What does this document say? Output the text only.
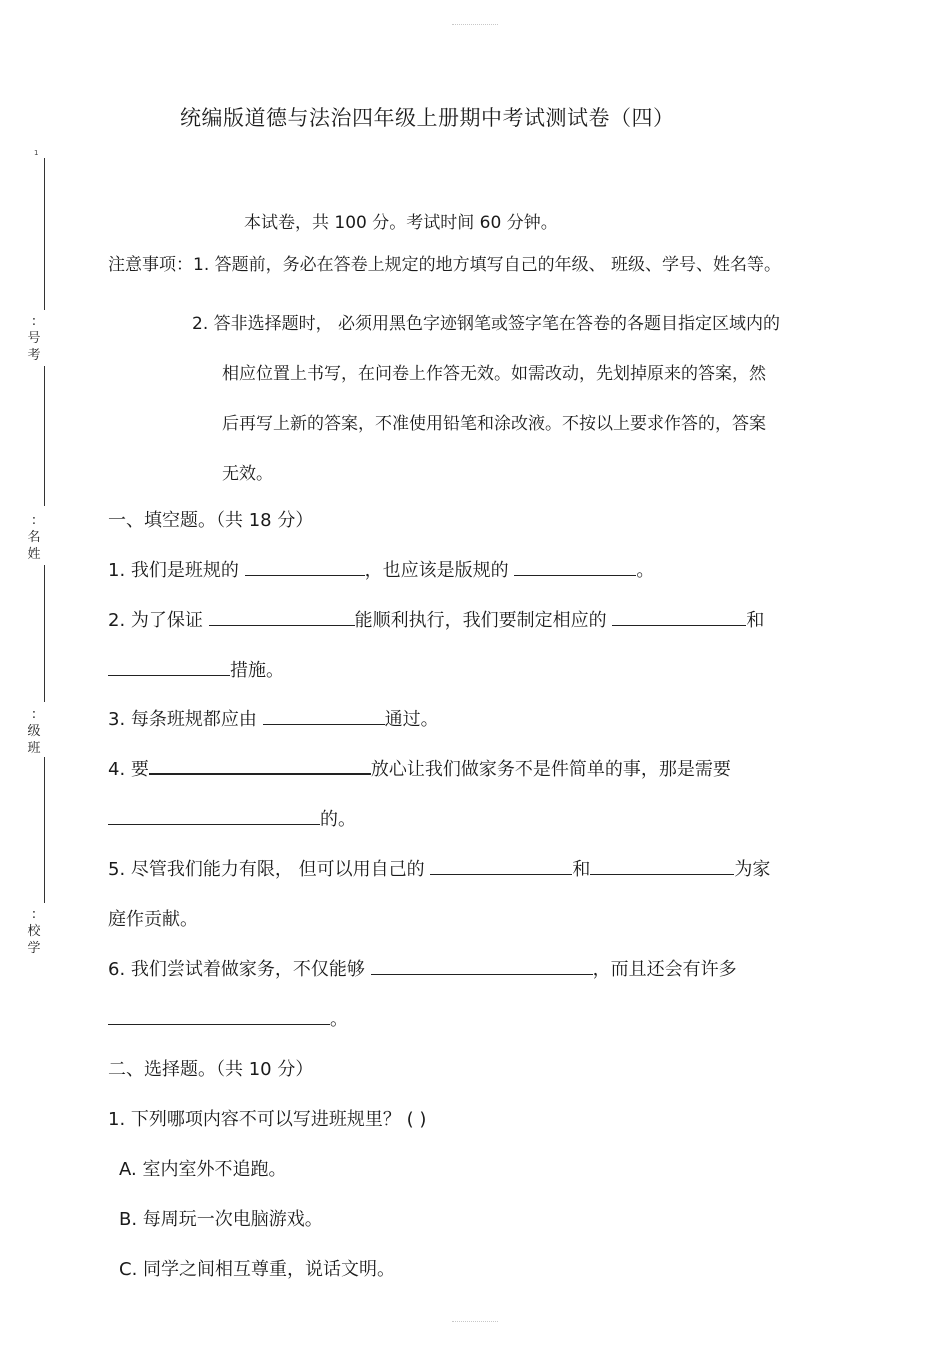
1
:号考
:名姓
:级班
:校学
统编版道德与法治四年级上册期中考试测试卷（四）
本试卷，共 100 分。考试时间 60 分钟。
注意事项：1. 答题前，务必在答卷上规定的地方填写自己的年级、 班级、学号、姓名等。
2. 答非选择题时， 必须用黑色字迹钢笔或签字笔在答卷的各题目指定区域内的
相应位置上书写，在问卷上作答无效。如需改动，先划掉原来的答案，然
后再写上新的答案，不准使用铅笔和涂改液。不按以上要求作答的，答案
无效。
一、填空题。（共 18 分）
1. 我们是班规的	，也应该是版规的	。
2. 为了保证	能顺利执行，我们要制定相应的	和
措施。
3. 每条班规都应由	通过。
4. 要	放心让我们做家务不是件简单的事，那是需要
的。
5. 尽管我们能力有限， 但可以用自己的	和	为家
庭作贡献。
6. 我们尝试着做家务，不仅能够	，而且还会有许多
。
二、选择题。（共 10 分）
1. 下列哪项内容不可以写进班规里？ ( )
A. 室内室外不追跑。
B. 每周玩一次电脑游戏。
C. 同学之间相互尊重，说话文明。
